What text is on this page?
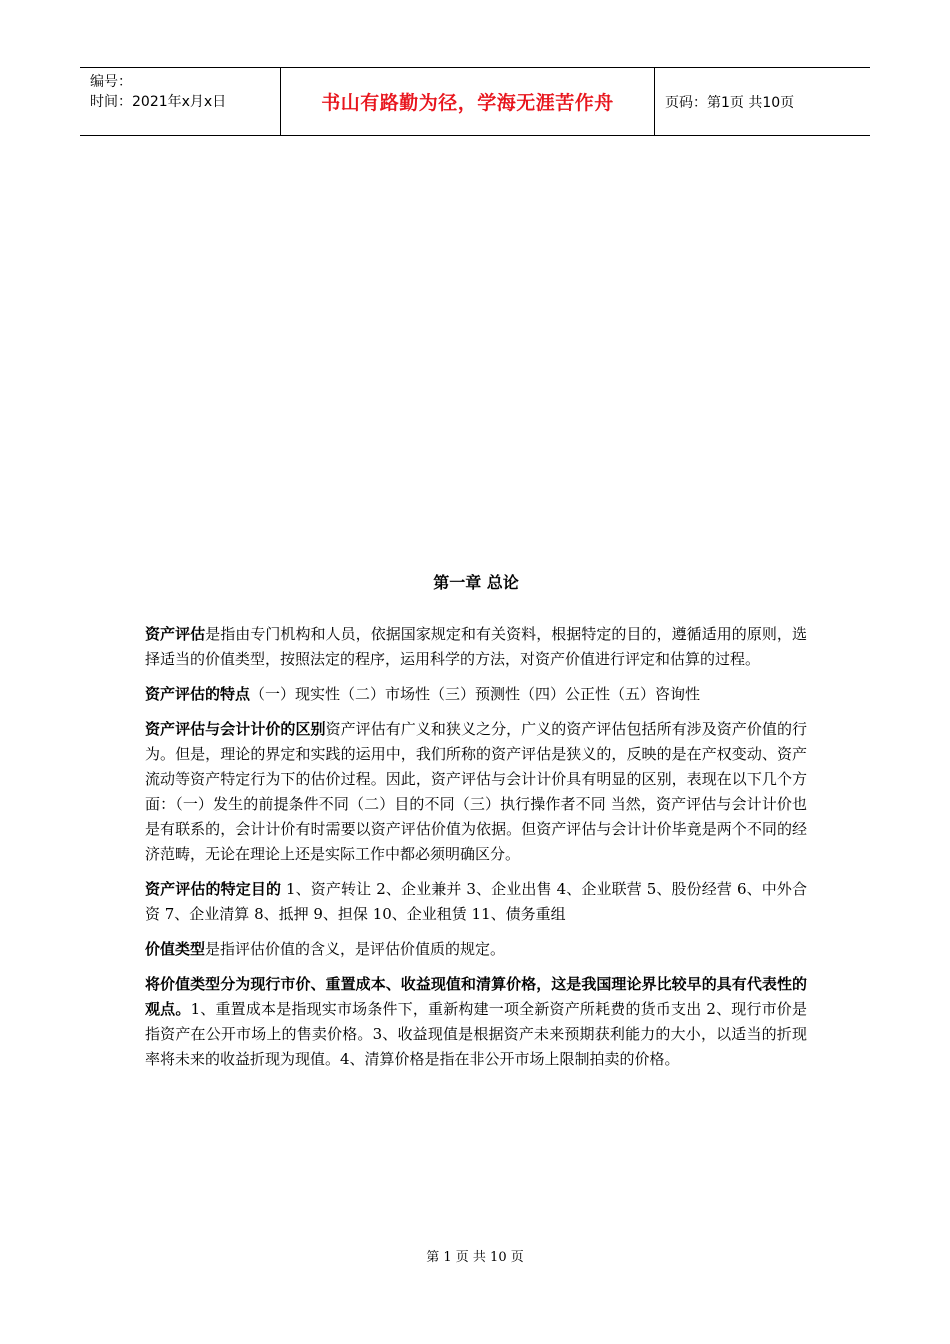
编号：
时间：2021年x月x日	书山有路勤为径，学海无涯苦作舟	页码：第1页 共10页
第一章 总论

资产评估是指由专门机构和人员，依据国家规定和有关资料，根据特定的目的，遵循适用的原则，选择适当的价值类型，按照法定的程序，运用科学的方法，对资产价值进行评定和估算的过程。

资产评估的特点（一）现实性（二）市场性（三）预测性（四）公正性（五）咨询性

资产评估与会计计价的区别资产评估有广义和狭义之分，广义的资产评估包括所有涉及资产价值的行为。但是，理论的界定和实践的运用中，我们所称的资产评估是狭义的，反映的是在产权变动、资产流动等资产特定行为下的估价过程。因此，资产评估与会计计价具有明显的区别，表现在以下几个方面：（一）发生的前提条件不同（二）目的不同（三）执行操作者不同 当然，资产评估与会计计价也是有联系的，会计计价有时需要以资产评估价值为依据。但资产评估与会计计价毕竟是两个不同的经济范畴，无论在理论上还是实际工作中都必须明确区分。

资产评估的特定目的 1、资产转让 2、企业兼并 3、企业出售 4、企业联营 5、股份经营 6、中外合资 7、企业清算 8、抵押 9、担保 10、企业租赁 11、债务重组

价值类型是指评估价值的含义，是评估价值质的规定。

将价值类型分为现行市价、重置成本、收益现值和清算价格，这是我国理论界比较早的具有代表性的观点。1、重置成本是指现实市场条件下，重新构建一项全新资产所耗费的货币支出 2、现行市价是指资产在公开市场上的售卖价格。3、收益现值是根据资产未来预期获利能力的大小，以适当的折现率将未来的收益折现为现值。4、清算价格是指在非公开市场上限制拍卖的价格。

第 1 页 共 10 页
